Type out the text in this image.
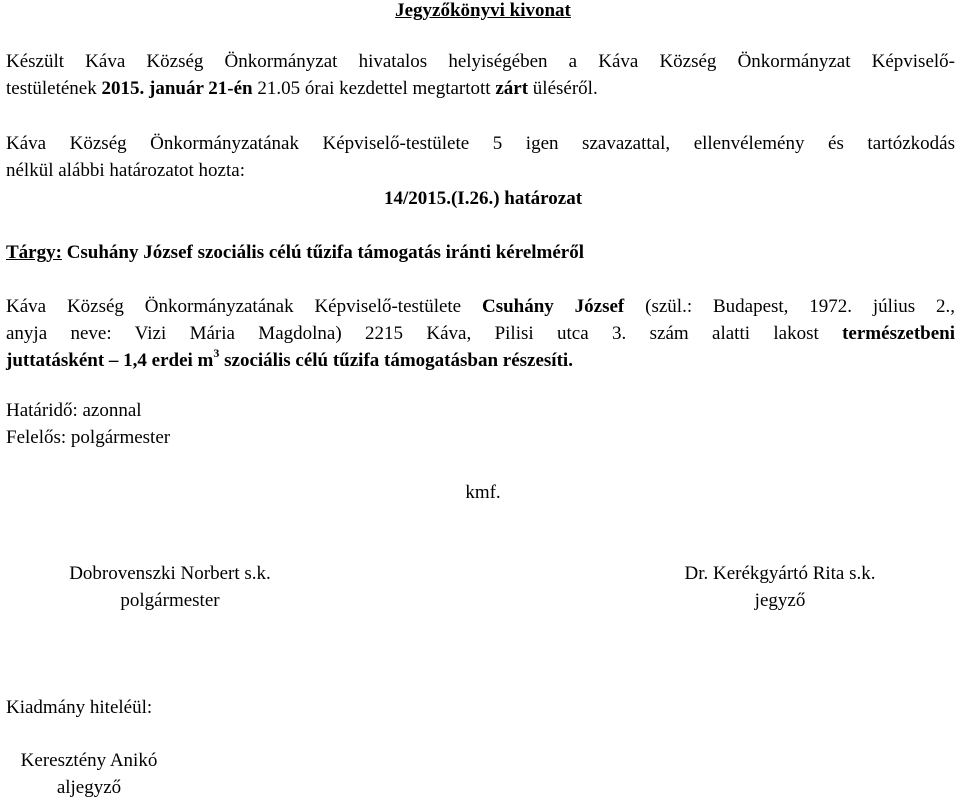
Jegyzőkönyvi kivonat
Készült Káva Község Önkormányzat hivatalos helyiségében a Káva Község Önkormányzat Képviselő-
testületének 2015. január 21-én 21.05 órai kezdettel megtartott zárt üléséről.
Káva Község Önkormányzatának Képviselő-testülete 5 igen szavazattal, ellenvélemény és tartózkodás
nélkül alábbi határozatot hozta:
14/2015.(I.26.) határozat
Tárgy: Csuhány József szociális célú tűzifa támogatás iránti kérelméről
Káva Község Önkormányzatának Képviselő-testülete Csuhány József (szül.: Budapest, 1972. július 2.,
anyja neve: Vizi Mária Magdolna) 2215 Káva, Pilisi utca 3. szám alatti lakost természetbeni
juttatásként – 1,4 erdei $m^3$ szociális célú tűzifa támogatásban részesíti.
Határidő: azonnal
Felelős: polgármester
kmf.
Dobrovenszki Norbert s.k.
polgármester
Dr. Kerékgyártó Rita s.k.
jegyző
Kiadmány hiteléül:
Keresztény Anikó
aljegyző
